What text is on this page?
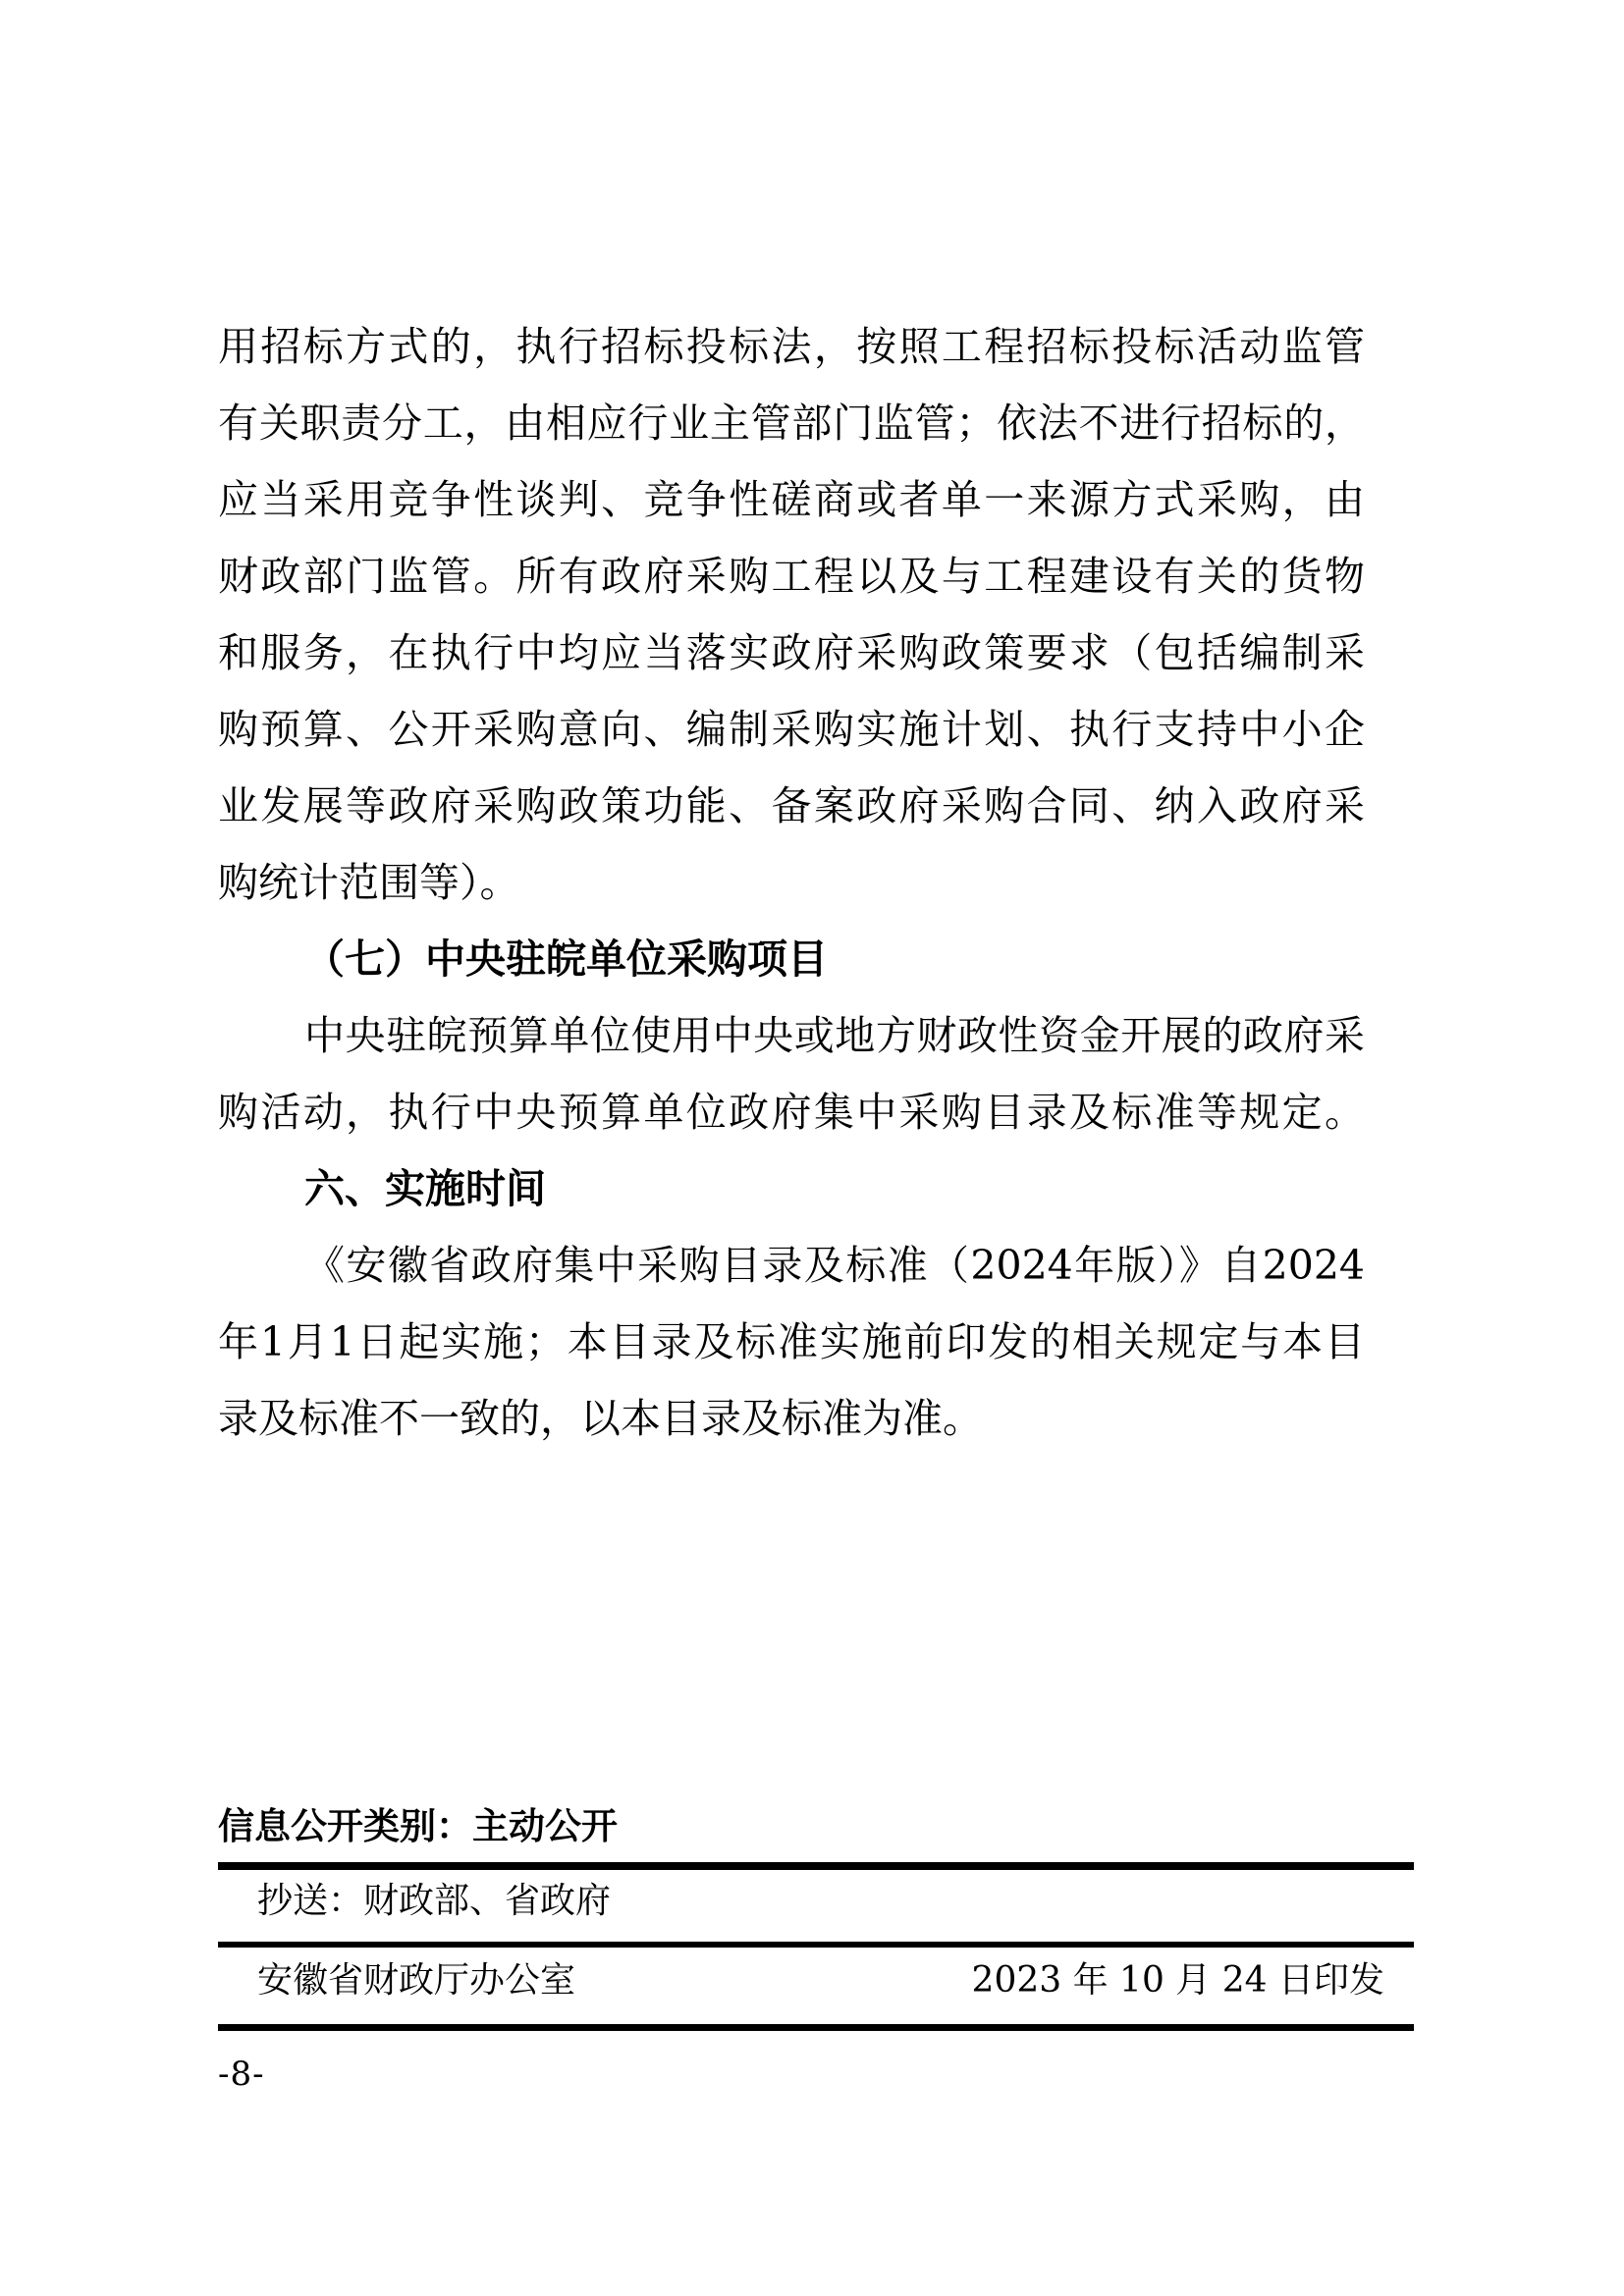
用招标方式的，执行招标投标法，按照工程招标投标活动监管
有关职责分工，由相应行业主管部门监管；依法不进行招标的，
应当采用竞争性谈判、竞争性磋商或者单一来源方式采购，由
财政部门监管。所有政府采购工程以及与工程建设有关的货物
和服务，在执行中均应当落实政府采购政策要求（包括编制采
购预算、公开采购意向、编制采购实施计划、执行支持中小企
业发展等政府采购政策功能、备案政府采购合同、纳入政府采
购统计范围等）。
（七）中央驻皖单位采购项目
中央驻皖预算单位使用中央或地方财政性资金开展的政府采
购活动，执行中央预算单位政府集中采购目录及标准等规定。
六、实施时间
《安徽省政府集中采购目录及标准（2024年版）》自2024
年1月1日起实施；本目录及标准实施前印发的相关规定与本目
录及标准不一致的，以本目录及标准为准。
信息公开类别：主动公开
抄送：财政部、省政府
安徽省财政厅办公室	2023 年 10 月 24 日印发
-8-
